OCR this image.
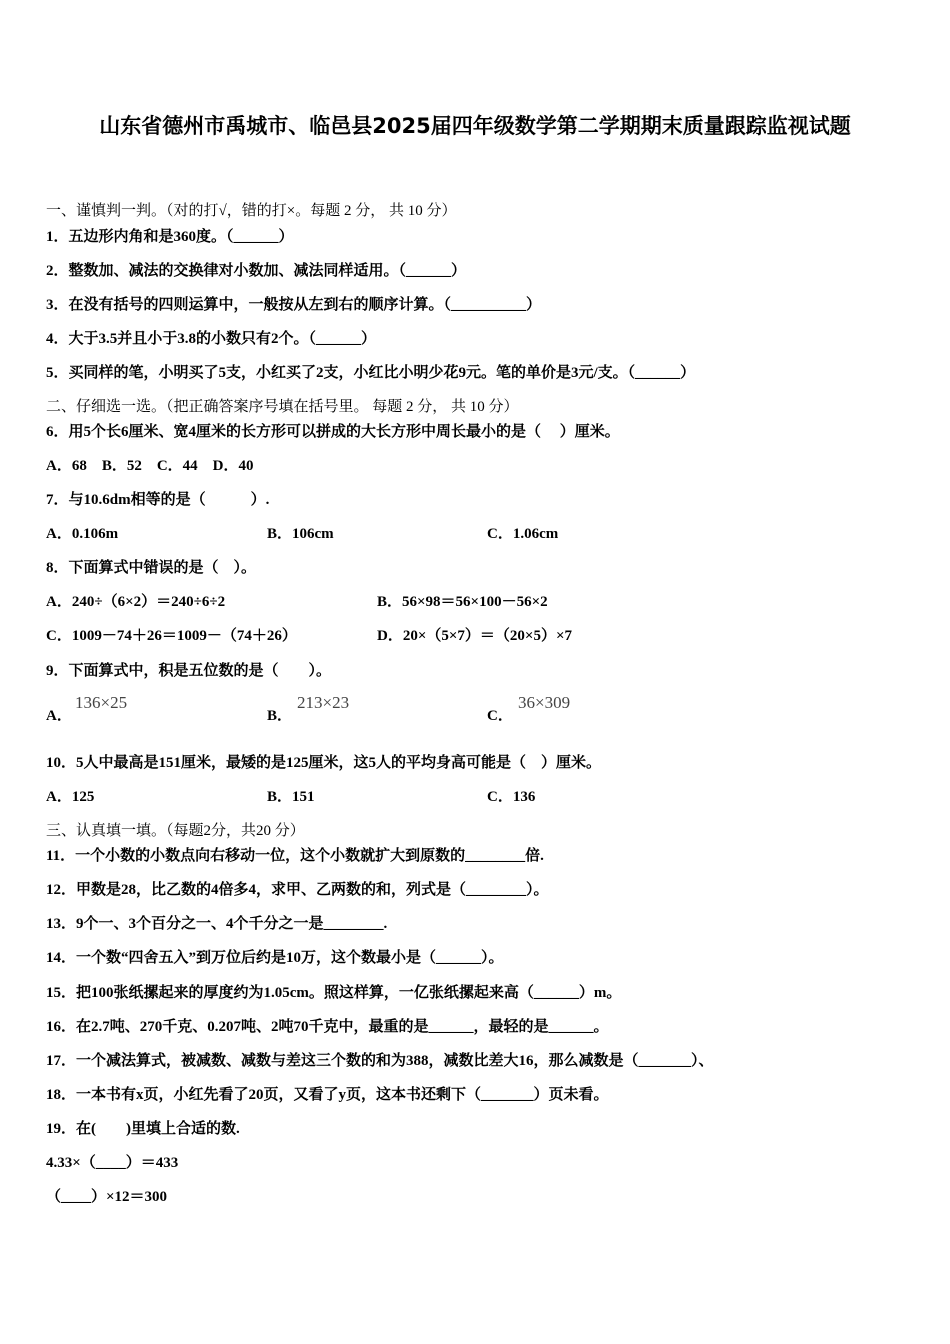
山东省德州市禹城市、临邑县2025届四年级数学第二学期期末质量跟踪监视试题
一、谨慎判一判。（对的打√，错的打×。每题 2 分， 共 10 分）
1．五边形内角和是360度。（______）
2．整数加、减法的交换律对小数加、减法同样适用。（______）
3．在没有括号的四则运算中，一般按从左到右的顺序计算。（__________）
4．大于3.5并且小于3.8的小数只有2个。（______）
5．买同样的笔，小明买了5支，小红买了2支，小红比小明少花9元。笔的单价是3元/支。（______）
二、仔细选一选。（把正确答案序号填在括号里。 每题 2 分， 共 10 分）
6．用5个长6厘米、宽4厘米的长方形可以拼成的大长方形中周长最小的是（　 ）厘米。
A．68　B．52　C．44　D．40
7．与10.6dm相等的是（　　　）.
A．0.106m	B．106cm	C．1.06cm
8．下面算式中错误的是（　）。
A．240÷（6×2）＝240÷6÷2	B．56×98＝56×100－56×2
C．1009－74＋26＝1009－（74＋26）	D．20×（5×7）＝（20×5）×7
9．下面算式中，积是五位数的是（　　）。
A．
136×25
B．
213×23
C．
36×309
10．5人中最高是151厘米，最矮的是125厘米，这5人的平均身高可能是（　）厘米。
A．125	B．151	C．136
三、认真填一填。（每题2分，共20 分）
11．一个小数的小数点向右移动一位，这个小数就扩大到原数的________倍.
12．甲数是28，比乙数的4倍多4，求甲、乙两数的和，列式是（________）。
13．9个一、3个百分之一、4个千分之一是________.
14．一个数“四舍五入”到万位后约是10万，这个数最小是（______）。
15．把100张纸摞起来的厚度约为1.05cm。照这样算，一亿张纸摞起来高（______）m。
16．在2.7吨、270千克、0.207吨、2吨70千克中，最重的是______，最轻的是______。
17．一个减法算式，被减数、减数与差这三个数的和为388，减数比差大16，那么减数是（_______）、
18．一本书有x页，小红先看了20页，又看了y页，这本书还剩下（_______）页未看。
19．在(　　)里填上合适的数.
4.33×（____）＝433
（____）×12＝300
